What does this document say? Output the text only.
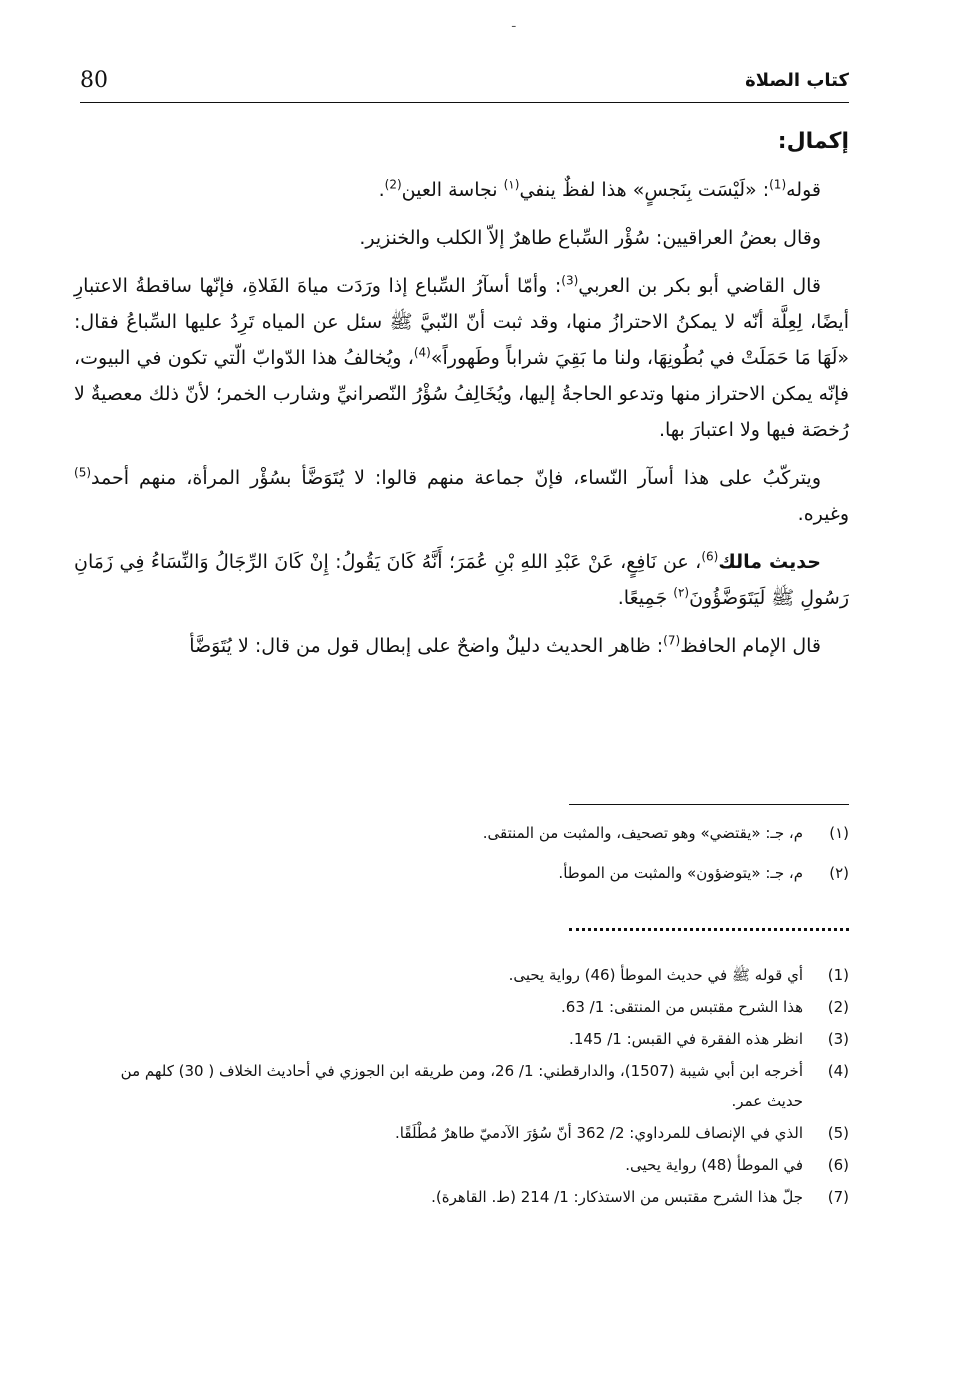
ـ
80	كتاب الصلاة
إكمال:

قوله$^{(1)}$: «لَيْسَت بِنَجسٍ» هذا لفظٌ ينفي$^{(١)}$ نجاسة العين$^{(2)}$.

وقال بعضُ العراقيين: سُؤْر السِّباع طاهرٌ إلاّ الكلب والخنزير.

قال القاضي أبو بكر بن العربي$^{(3)}$: وأمّا أسآرُ السِّباع إذا ورَدَت مياهَ الفَلاةِ، فإنّها ساقطةُ الاعتبارِ أيضًا، لِعِلَّة أنّه لا يمكنُ الاحترازُ منها، وقد ثبت أنّ النّبيَّ ﷺ سئل عن المياه تَرِدُ عليها السِّباعُ فقال: «لَهَا مَا حَمَلَتْ في بُطُونِهَا، ولنا ما بَقِيَ شراباً وطَهوراً»$^{(4)}$، ويُخالفُ هذا الدّوابّ الّتي تكون في البيوت، فإنّه يمكن الاحتراز منها وتدعو الحاجةُ إليها، ويُخَالِفُ سُؤْرُ النّصرانيِّ وشارب الخمر؛ لأنّ ذلك معصيةٌ لا رُخصَة فيها ولا اعتبارَ بها.

ويتركّبُ على هذا أسآر النّساء، فإنّ جماعة منهم قالوا: لا يُتَوَضَّأ بسُؤْر المرأة، منهم أحمد$^{(5)}$ وغيره.

حديث مالك$^{(6)}$، عن نَافِعٍ، عَنْ عَبْدِ اللهِ بْنِ عُمَرَ؛ أَنَّهُ كَانَ يَقُولُ: إِنْ كَانَ الرِّجَالُ وَالنِّسَاءُ فِي زَمَانِ رَسُولِ ﷺ لَيَتَوَضَّؤُونَ$^{(٢)}$ جَمِيعًا.

قال الإمام الحافظ$^{(7)}$: ظاهر الحديث دليلٌ واضحٌ على إبطال قول من قال: لا يُتَوَضَّأ

(١)
م، جـ: «يقتضي» وهو تصحيف، والمثبت من المنتقى.
(٢)
م، جـ: «يتوضؤون» والمثبت من الموطأ.
(1)
أي قوله ﷺ في حديث الموطأ (46) رواية يحيى.
(2)
هذا الشرح مقتبس من المنتقى: 1/ 63.
(3)
انظر هذه الفقرة في القبس: 1/ 145.
(4)
أخرجه ابن أبي شيبة (1507)، والدارقطني: 1/ 26، ومن طريقه ابن الجوزي في أحاديث الخلاف ( 30) كلهم من حديث عمر.
(5)
الذي في الإنصاف للمرداوي: 2/ 362 أنّ سُؤرَ الآدميّ طاهرٌ مُطْلَقًا.
(6)
في الموطأ (48) رواية يحيى.
(7)
جلّ هذا الشرح مقتبس من الاستذكار: 1/ 214 (ط. القاهرة).
